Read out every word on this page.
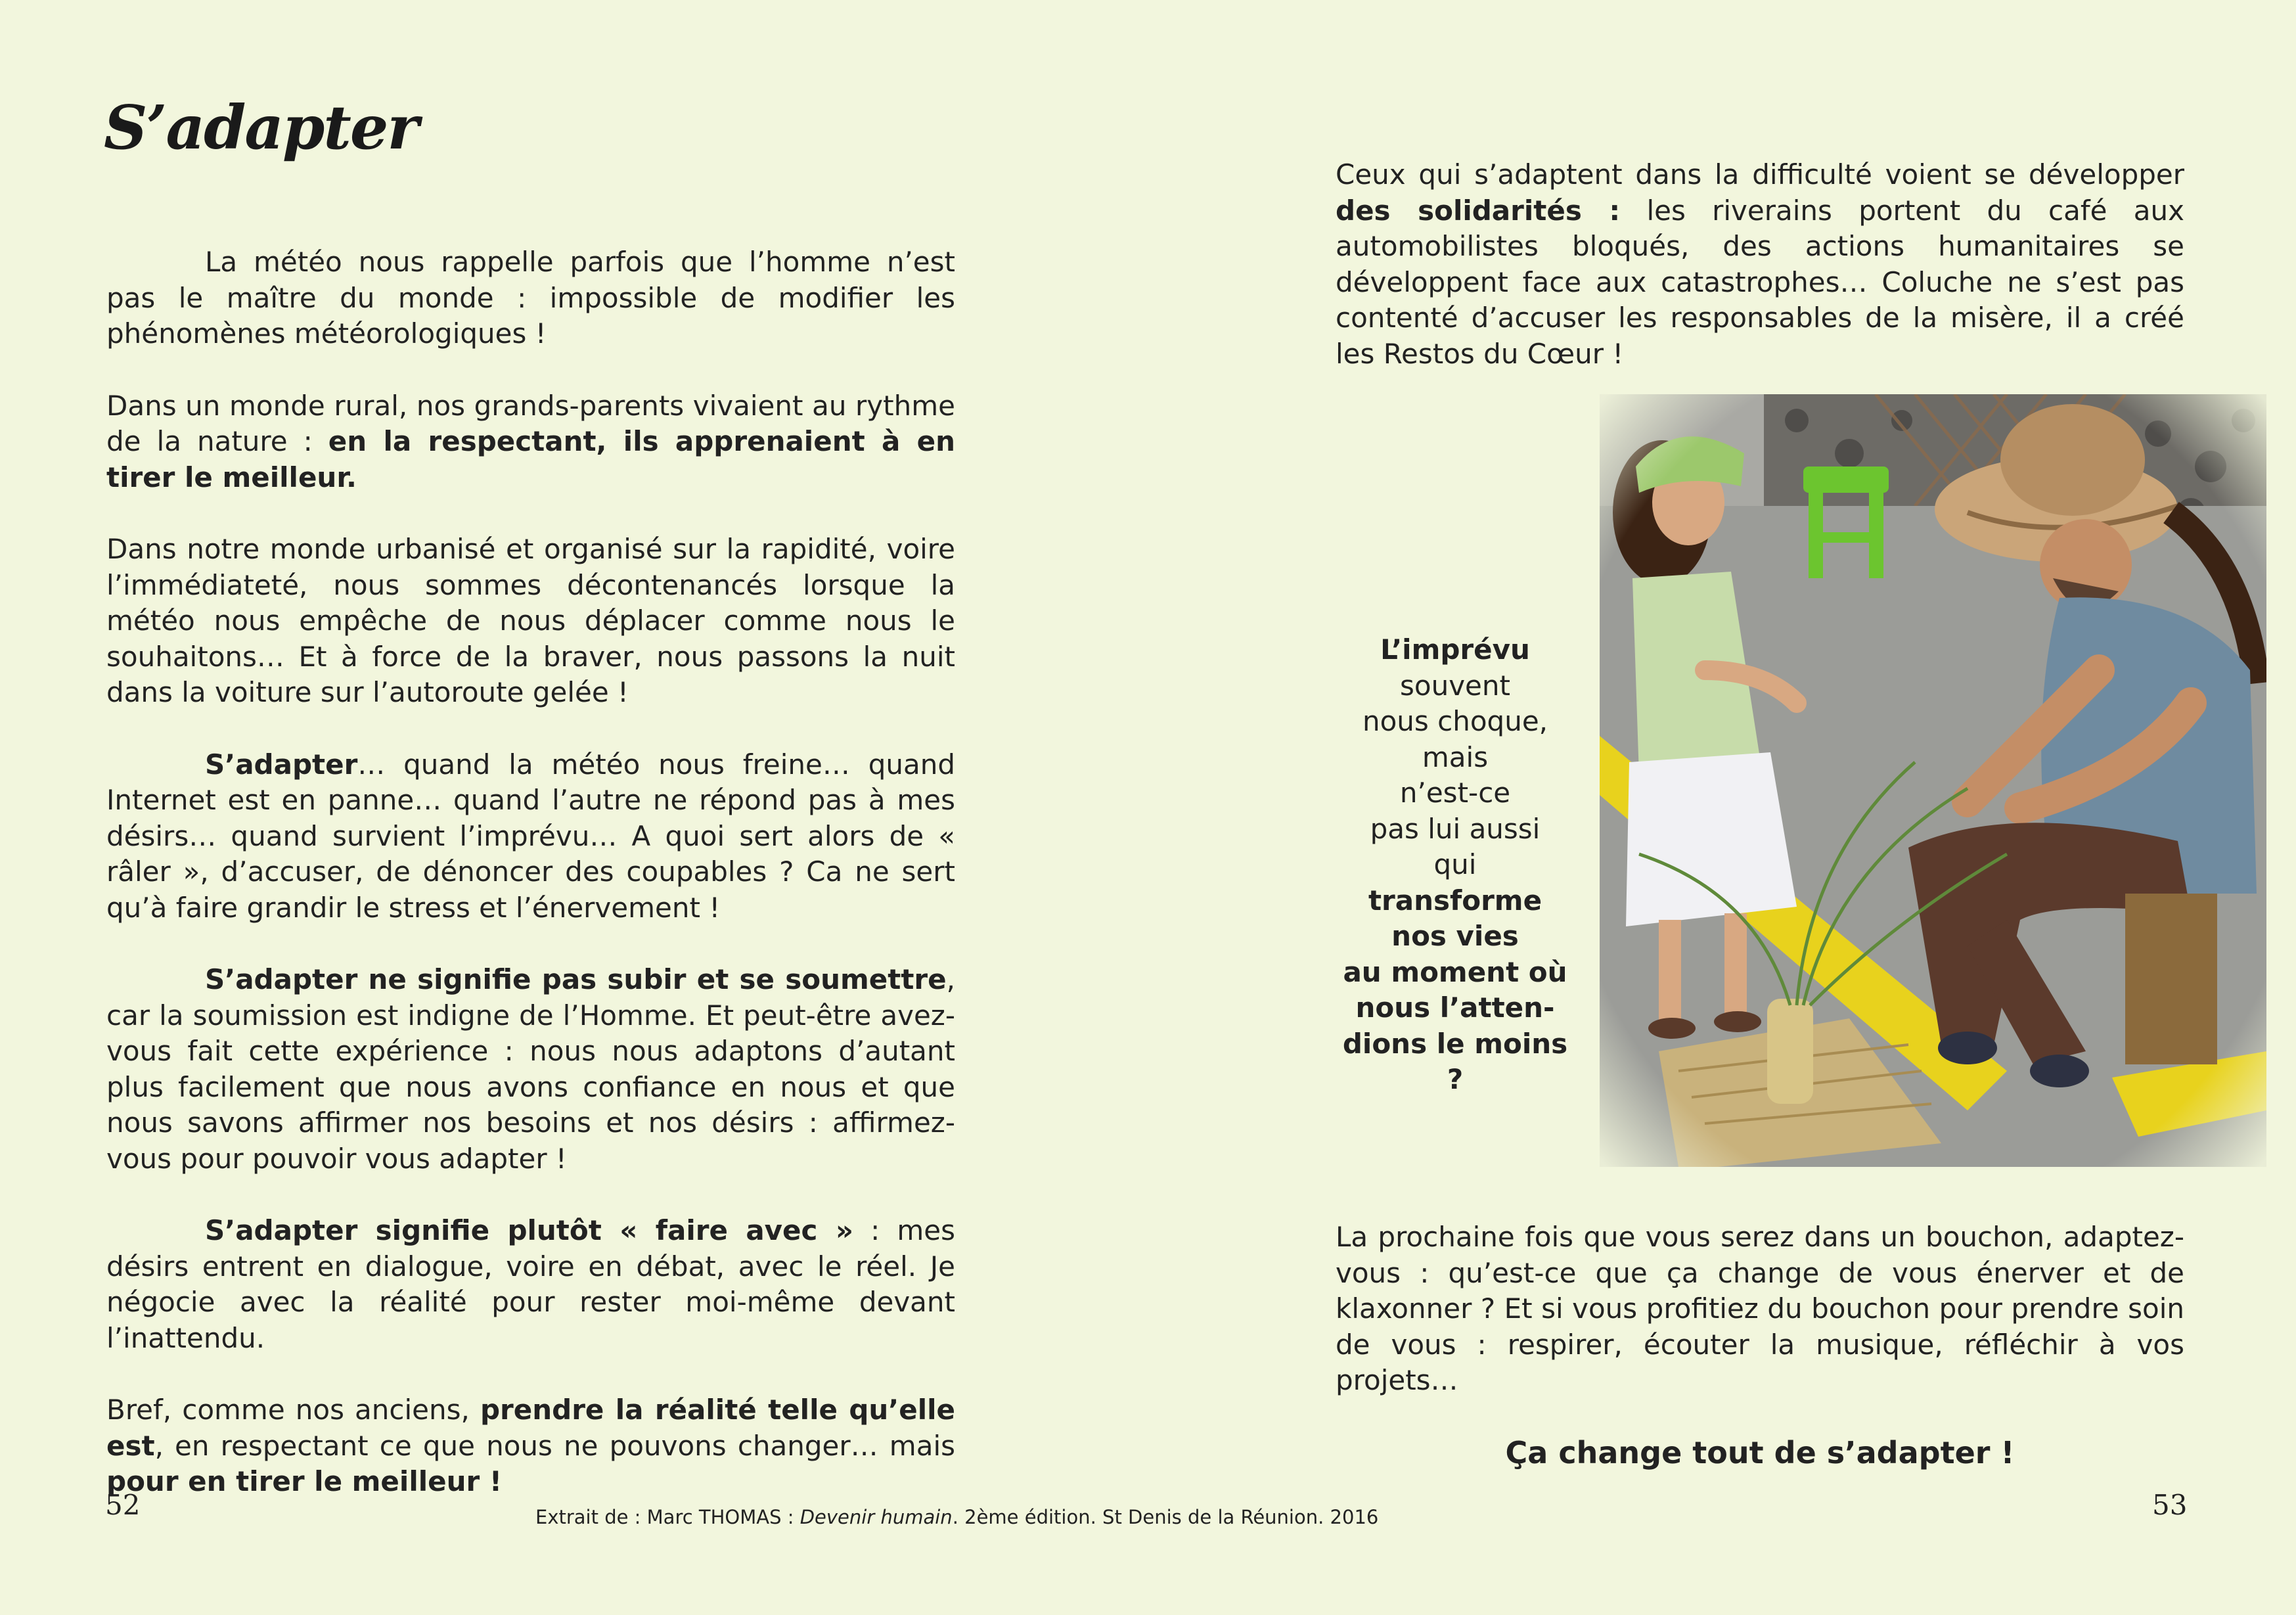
S’adapter

La météo nous rappelle parfois que l’homme n’est pas le maître du monde : impossible de modifier les phénomènes météorologiques !

Dans un monde rural, nos grands-parents vivaient au rythme de la nature : en la respectant, ils apprenaient à en tirer le meilleur.

Dans notre monde urbanisé et organisé sur la rapidité, voire l’immédiateté, nous sommes décontenancés lorsque la météo nous empêche de nous déplacer comme nous le souhaitons… Et à force de la braver, nous passons la nuit dans la voiture sur l’autoroute gelée !

S’adapter… quand la météo nous freine… quand Internet est en panne… quand l’autre ne répond pas à mes désirs… quand survient l’imprévu… A quoi sert alors de « râler », d’accuser, de dénoncer des coupables ? Ca ne sert qu’à faire grandir le stress et l’énervement !

S’adapter ne signifie pas subir et se soumettre, car la soumission est indigne de l’Homme. Et peut-être avez-vous fait cette expérience : nous nous adaptons d’autant plus facilement que nous avons confiance en nous et que nous savons affirmer nos besoins et nos désirs : affirmez-vous pour pouvoir vous adapter !

S’adapter signifie plutôt « faire avec » : mes désirs entrent en dialogue, voire en débat, avec le réel. Je négocie avec la réalité pour rester moi-même devant l’inattendu.

Bref, comme nos anciens, prendre la réalité telle qu’elle est, en respectant ce que nous ne pouvons changer… mais pour en tirer le meilleur !

Ceux qui s’adaptent dans la difficulté voient se développer des solidarités : les riverains portent du café aux automobilistes bloqués, des actions humanitaires se développent face aux catastrophes… Coluche ne s’est pas contenté d’accuser les responsables de la misère, il a créé les Restos du Cœur !

L’imprévu
souvent
nous choque,
mais
n’est-ce
pas lui aussi
qui
transforme
nos vies
au moment où
nous l’atten-
dions le moins ?

La prochaine fois que vous serez dans un bouchon, adaptez-vous : qu’est-ce que ça change de vous énerver et de klaxonner ? Et si vous profitiez du bouchon pour prendre soin de vous : respirer, écouter la musique, réfléchir à vos projets…

Ça change tout de s’adapter !
52	53
Extrait de : Marc THOMAS : Devenir humain. 2ème édition. St Denis de la Réunion. 2016
